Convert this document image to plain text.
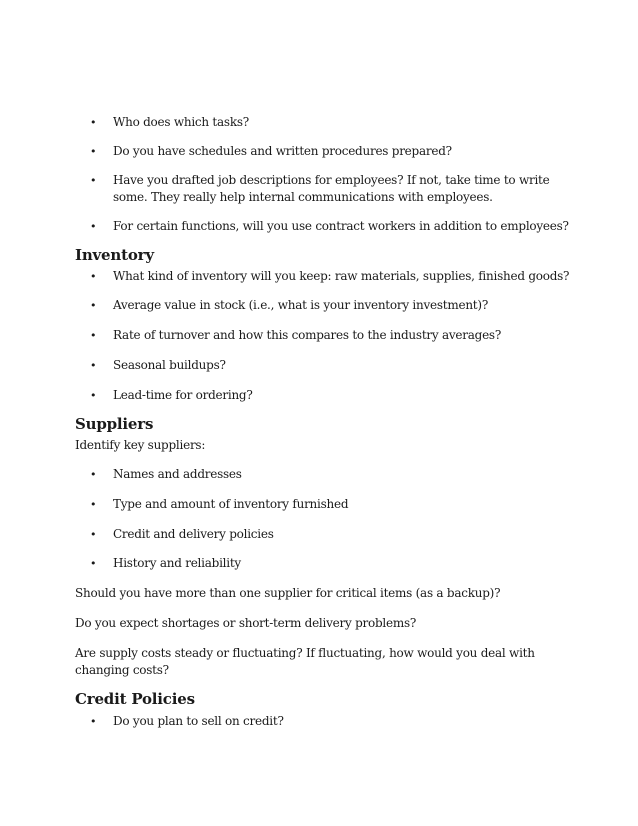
•	Who does which tasks?
•	Do you have schedules and written procedures prepared?
•	Have you drafted job descriptions for employees? If not, take time to write some. They really help internal communications with employees.
•	For certain functions, will you use contract workers in addition to employees?
Inventory
•	What kind of inventory will you keep: raw materials, supplies, finished goods?
•	Average value in stock (i.e., what is your inventory investment)?
•	Rate of turnover and how this compares to the industry averages?
•	Seasonal buildups?
•	Lead-time for ordering?
Suppliers
Identify key suppliers:
•	Names and addresses
•	Type and amount of inventory furnished
•	Credit and delivery policies
•	History and reliability
Should you have more than one supplier for critical items (as a backup)?
Do you expect shortages or short-term delivery problems?
Are supply costs steady or fluctuating? If fluctuating, how would you deal with changing costs?
Credit Policies
•	Do you plan to sell on credit?
